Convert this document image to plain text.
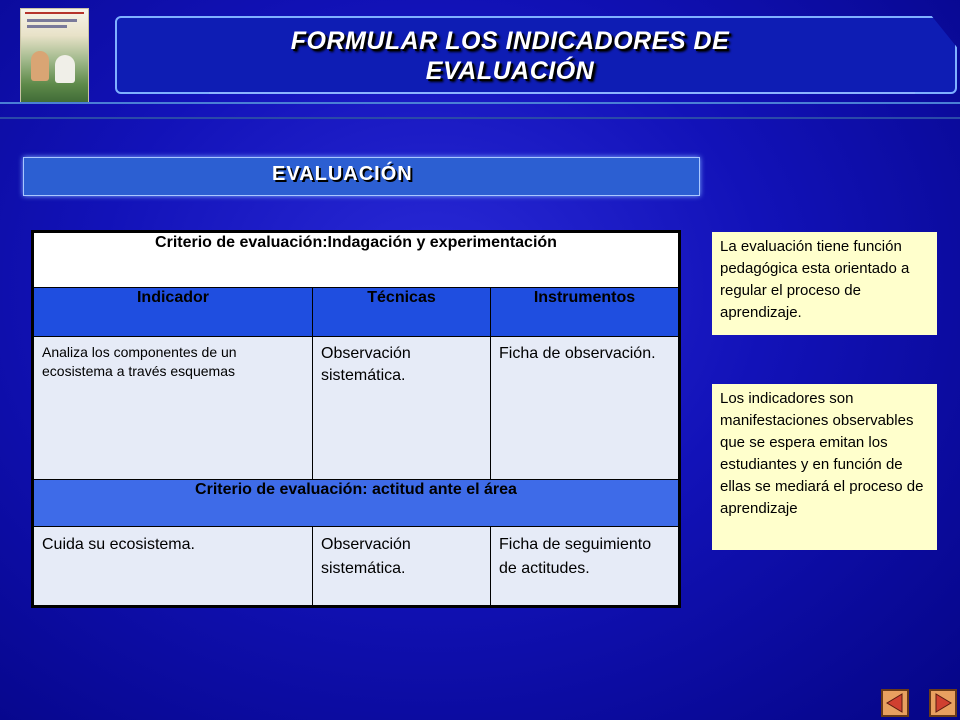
FORMULAR LOS INDICADORES DE
EVALUACIÓN
EVALUACIÓN
Criterio de evaluación:Indagación y experimentación		
Indicador	Técnicas	Instrumentos
Analiza los componentes de un ecosistema a través esquemas	Observación sistemática.	Ficha de observación.
Criterio de evaluación: actitud ante el área		
Cuida su ecosistema.	Observación sistemática.	Ficha de seguimiento de actitudes.
La evaluación tiene función pedagógica esta orientado a regular el proceso de aprendizaje.
Los indicadores son manifestaciones observables que se espera emitan los estudiantes y en función de ellas se mediará el proceso de aprendizaje
